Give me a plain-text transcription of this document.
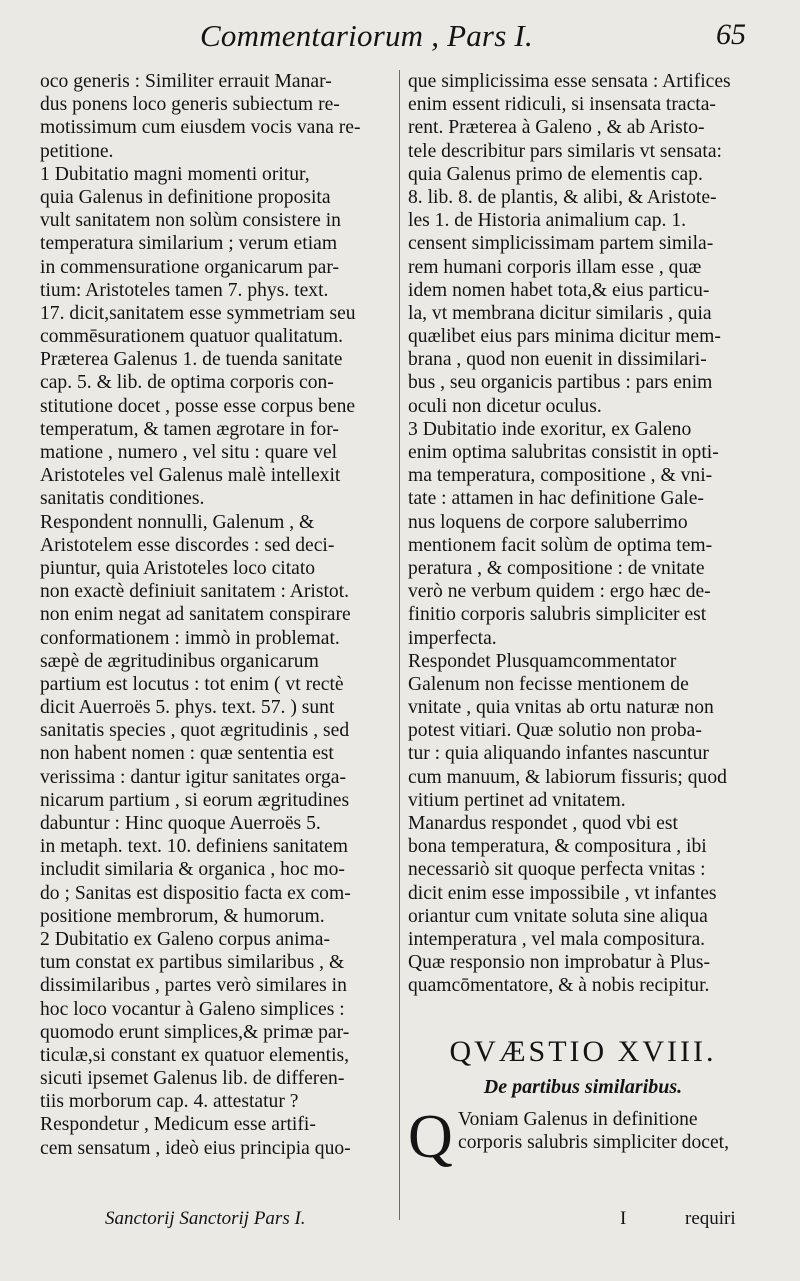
Commentariorum , Pars I.	65
oco generis : Similiter errauit Manar-
dus ponens loco generis subiectum re-
motissimum cum eiusdem vocis vana re-
petitione.
1 Dubitatio magni momenti oritur,
quia Galenus in definitione proposita
vult sanitatem non solùm consistere in
temperatura similarium ; verum etiam
in commensuratione organicarum par-
tium: Aristoteles tamen 7. phys. text.
17. dicit,sanitatem esse symmetriam seu
commēsurationem quatuor qualitatum.
Præterea Galenus 1. de tuenda sanitate
cap. 5. & lib. de optima corporis con-
stitutione docet , posse esse corpus bene
temperatum, & tamen ægrotare in for-
matione , numero , vel situ : quare vel
Aristoteles vel Galenus malè intellexit
sanitatis conditiones.
Respondent nonnulli, Galenum , &
Aristotelem esse discordes : sed deci-
piuntur, quia Aristoteles loco citato
non exactè definiuit sanitatem : Aristot.
non enim negat ad sanitatem conspirare
conformationem : immò in problemat.
sæpè de ægritudinibus organicarum
partium est locutus : tot enim ( vt rectè
dicit Auerroës 5. phys. text. 57. ) sunt
sanitatis species , quot ægritudinis , sed
non habent nomen : quæ sententia est
verissima : dantur igitur sanitates orga-
nicarum partium , si eorum ægritudines
dabuntur : Hinc quoque Auerroës 5.
in metaph. text. 10. definiens sanitatem
includit similaria & organica , hoc mo-
do ; Sanitas est dispositio facta ex com-
positione membrorum, & humorum.
2 Dubitatio ex Galeno corpus anima-
tum constat ex partibus similaribus , &
dissimilaribus , partes verò similares in
hoc loco vocantur à Galeno simplices :
quomodo erunt simplices,& primæ par-
ticulæ,si constant ex quatuor elementis,
sicuti ipsemet Galenus lib. de differen-
tiis morborum cap. 4. attestatur ?
Respondetur , Medicum esse artifi-
cem sensatum , ideò eius principia quo-
que simplicissima esse sensata : Artifices
enim essent ridiculi, si insensata tracta-
rent. Præterea à Galeno , & ab Aristo-
tele describitur pars similaris vt sensata:
quia Galenus primo de elementis cap.
8. lib. 8. de plantis, & alibi, & Aristote-
les 1. de Historia animalium cap. 1.
censent simplicissimam partem simila-
rem humani corporis illam esse , quæ
idem nomen habet tota,& eius particu-
la, vt membrana dicitur similaris , quia
quælibet eius pars minima dicitur mem-
brana , quod non euenit in dissimilari-
bus , seu organicis partibus : pars enim
oculi non dicetur oculus.
3 Dubitatio inde exoritur, ex Galeno
enim optima salubritas consistit in opti-
ma temperatura, compositione , & vni-
tate : attamen in hac definitione Gale-
nus loquens de corpore saluberrimo
mentionem facit solùm de optima tem-
peratura , & compositione : de vnitate
verò ne verbum quidem : ergo hæc de-
finitio corporis salubris simpliciter est
imperfecta.
Respondet Plusquamcommentator
Galenum non fecisse mentionem de
vnitate , quia vnitas ab ortu naturæ non
potest vitiari. Quæ solutio non proba-
tur : quia aliquando infantes nascuntur
cum manuum, & labiorum fissuris; quod
vitium pertinet ad vnitatem.
Manardus respondet , quod vbi est
bona temperatura, & compositura , ibi
necessariò sit quoque perfecta vnitas :
dicit enim esse impossibile , vt infantes
oriantur cum vnitate soluta sine aliqua
intemperatura , vel mala compositura.
Quæ responsio non improbatur à Plus-
quamcōmentatore, & à nobis recipitur.
QVÆSTIO XVIII.
De partibus similaribus.
Q Voniam Galenus in definitione
corporis salubris simpliciter docet,
Sanctorij Sanctorij Pars I.	I	requiri
